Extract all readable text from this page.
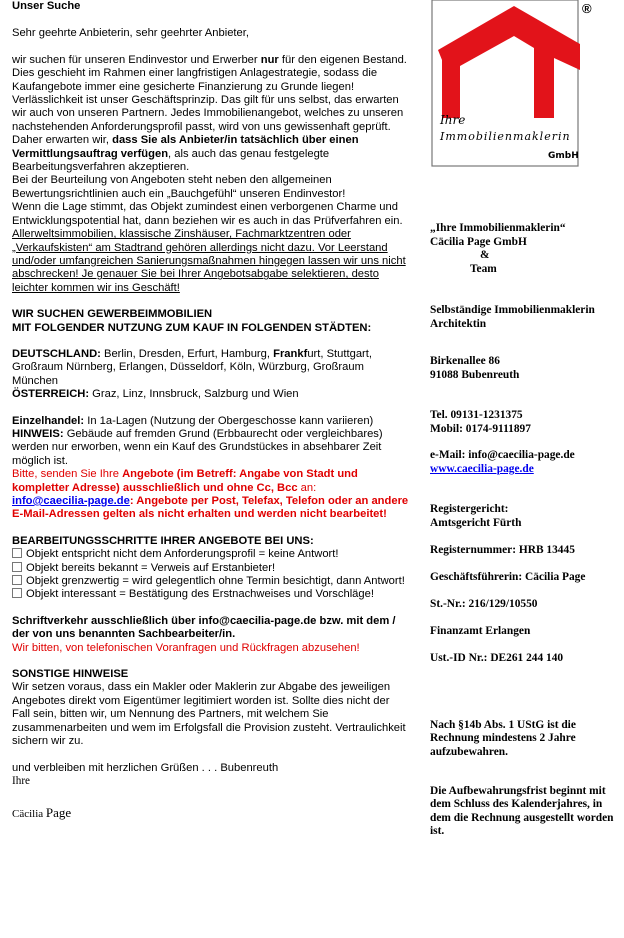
Unser Suche

Sehr geehrte Anbieterin, sehr geehrter Anbieter,

wir suchen für unseren Endinvestor und Erwerber nur für den eigenen Bestand. Dies geschieht im Rahmen einer langfristigen Anlagestrategie, sodass die Kaufangebote immer eine gesicherte Finanzierung zu Grunde liegen!

Verlässlichkeit ist unser Geschäftsprinzip. Das gilt für uns selbst, das erwarten wir auch von unseren Partnern. Jedes Immobilienangebot, welches zu unseren nachstehenden Anforderungsprofil passt, wird von uns gewissenhaft geprüft. Daher erwarten wir, dass Sie als Anbieter/in tatsächlich über einen Vermittlungsauftrag verfügen, als auch das genau festgelegte Bearbeitungsverfahren akzeptieren.

Bei der Beurteilung von Angeboten steht neben den allgemeinen Bewertungsrichtlinien auch ein „Bauchgefühl“ unseren Endinvestor!

Wenn die Lage stimmt, das Objekt zumindest einen verborgenen Charme und Entwicklungspotential hat, dann beziehen wir es auch in das Prüfverfahren ein.

Allerweltsimmobilien, klassische Zinshäuser, Fachmarktzentren oder „Verkaufskisten“ am Stadtrand gehören allerdings nicht dazu. Vor Leerstand und/oder umfangreichen Sanierungsmaßnahmen hingegen lassen wir uns nicht abschrecken! Je genauer Sie bei Ihrer Angebotsabgabe selektieren, desto leichter kommen wir ins Geschäft!

WIR SUCHEN GEWERBEIMMOBILIEN

MIT FOLGENDER NUTZUNG ZUM KAUF IN FOLGENDEN STÄDTEN:

DEUTSCHLAND: Berlin, Dresden, Erfurt, Hamburg, Frankfurt, Stuttgart, Großraum Nürnberg, Erlangen, Düsseldorf, Köln, Würzburg, Großraum München

ÖSTERREICH: Graz, Linz, Innsbruck, Salzburg und Wien

Einzelhandel: In 1a-Lagen (Nutzung der Obergeschosse kann variieren)

HINWEIS: Gebäude auf fremden Grund (Erbbaurecht oder vergleichbares) werden nur erworben, wenn ein Kauf des Grundstückes in absehbarer Zeit möglich ist.

Bitte, senden Sie Ihre Angebote (im Betreff: Angabe von Stadt und kompletter Adresse) ausschließlich und ohne Cc, Bcc an:
info@caecilia-page.de: Angebote per Post, Telefax, Telefon oder an andere E-Mail-Adressen gelten als nicht erhalten und werden nicht bearbeitet!

BEARBEITUNGSSCHRITTE IHRER ANGEBOTE BEI UNS:

Objekt entspricht nicht dem Anforderungsprofil = keine Antwort!

Objekt bereits bekannt = Verweis auf Erstanbieter!

Objekt grenzwertig = wird gelegentlich ohne Termin besichtigt, dann Antwort!

Objekt interessant = Bestätigung des Erstnachweises und Vorschläge!

Schriftverkehr ausschließlich über info@caecilia-page.de bzw. mit dem / der von uns benannten Sachbearbeiter/in.

Wir bitten, von telefonischen Voranfragen und Rückfragen abzusehen!

SONSTIGE HINWEISE

Wir setzen voraus, dass ein Makler oder Maklerin zur Abgabe des jeweiligen Angebotes direkt vom Eigentümer legitimiert worden ist. Sollte dies nicht der Fall sein, bitten wir, um Nennung des Partners, mit welchem Sie zusammenarbeiten und wem im Erfolgsfall die Provision zusteht. Vertraulichkeit sichern wir zu.

und verbleiben mit herzlichen Grüßen . . . Bubenreuth

Ihre

Cäcilia Page

®
Ihre
Immobilienmaklerin
GmbH

„Ihre Immobilienmaklerin“

Cäcilia Page GmbH

&

Team

Selbständige Immobilienmaklerin

Architektin

Birkenallee 86

91088 Bubenreuth

Tel. 09131-1231375

Mobil: 0174-9111897

e-Mail: info@caecilia-page.de

www.caecilia-page.de

Registergericht:

Amtsgericht Fürth

Registernummer: HRB 13445

Geschäftsführerin: Cäcilia Page

St.-Nr.: 216/129/10550

Finanzamt Erlangen

Ust.-ID Nr.: DE261 244 140

Nach §14b Abs. 1 UStG ist die Rechnung mindestens 2 Jahre aufzubewahren.

Die Aufbewahrungsfrist beginnt mit dem Schluss des Kalenderjahres, in dem die Rechnung ausgestellt worden ist.
